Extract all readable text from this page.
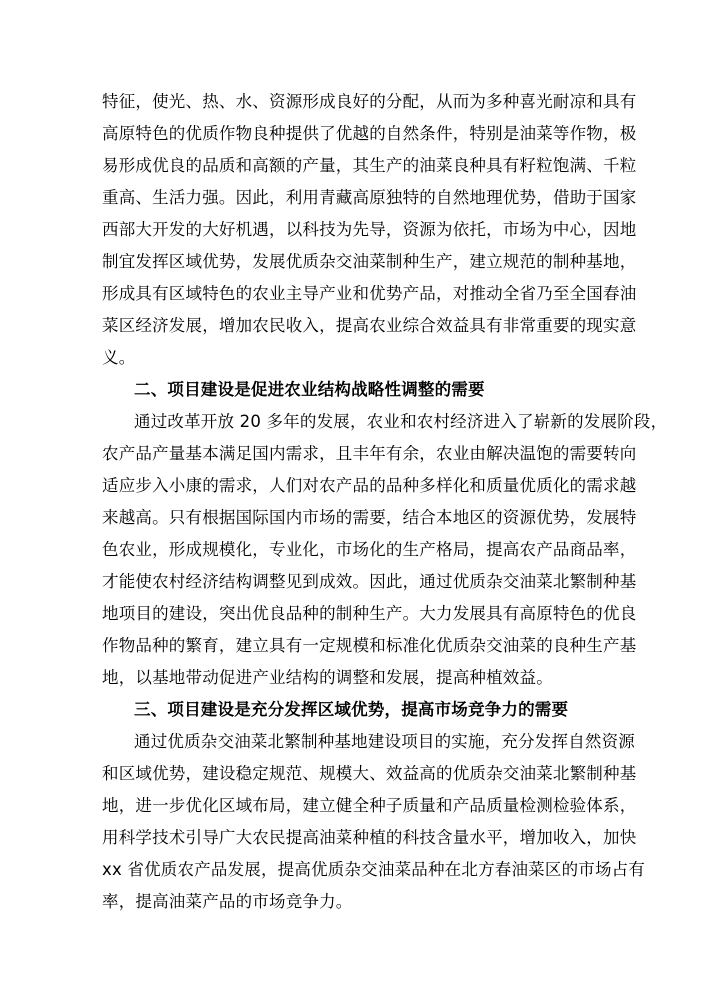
特征，使光、热、水、资源形成良好的分配，从而为多种喜光耐凉和具有
高原特色的优质作物良种提供了优越的自然条件，特别是油菜等作物，极
易形成优良的品质和高额的产量，其生产的油菜良种具有籽粒饱满、千粒
重高、生活力强。因此，利用青藏高原独特的自然地理优势，借助于国家
西部大开发的大好机遇，以科技为先导，资源为依托，市场为中心，因地
制宜发挥区域优势，发展优质杂交油菜制种生产，建立规范的制种基地，
形成具有区域特色的农业主导产业和优势产品，对推动全省乃至全国春油
菜区经济发展，增加农民收入，提高农业综合效益具有非常重要的现实意
义。
二、项目建设是促进农业结构战略性调整的需要
通过改革开放 20 多年的发展，农业和农村经济进入了崭新的发展阶段，
农产品产量基本满足国内需求，且丰年有余，农业由解决温饱的需要转向
适应步入小康的需求，人们对农产品的品种多样化和质量优质化的需求越
来越高。只有根据国际国内市场的需要，结合本地区的资源优势，发展特
色农业，形成规模化，专业化，市场化的生产格局，提高农产品商品率，
才能使农村经济结构调整见到成效。因此，通过优质杂交油菜北繁制种基
地项目的建设，突出优良品种的制种生产。大力发展具有高原特色的优良
作物品种的繁育，建立具有一定规模和标准化优质杂交油菜的良种生产基
地，以基地带动促进产业结构的调整和发展，提高种植效益。
三、项目建设是充分发挥区域优势，提高市场竞争力的需要
通过优质杂交油菜北繁制种基地建设项目的实施，充分发挥自然资源
和区域优势，建设稳定规范、规模大、效益高的优质杂交油菜北繁制种基
地，进一步优化区域布局，建立健全种子质量和产品质量检测检验体系，
用科学技术引导广大农民提高油菜种植的科技含量水平，增加收入，加快
xx 省优质农产品发展，提高优质杂交油菜品种在北方春油菜区的市场占有
率，提高油菜产品的市场竞争力。
